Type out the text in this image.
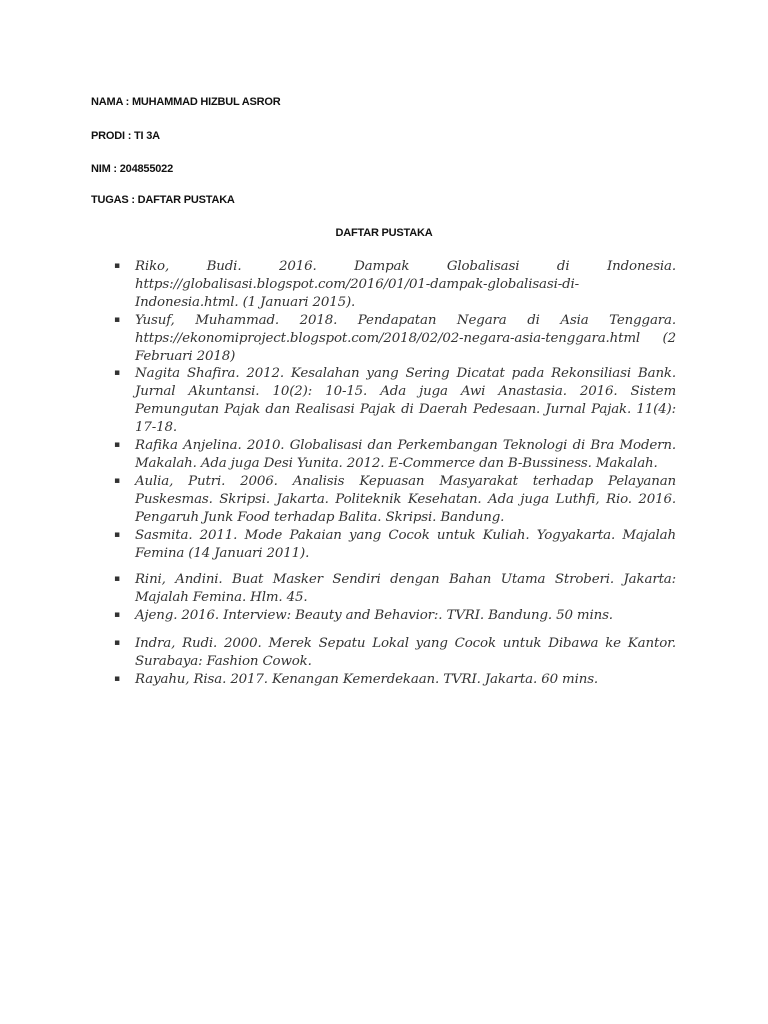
NAMA : MUHAMMAD HIZBUL ASROR
PRODI : TI 3A
NIM : 204855022
TUGAS : DAFTAR PUSTAKA
DAFTAR PUSTAKA
▪ Riko, Budi. 2016. Dampak Globalisasi di Indonesia. https://globalisasi.blogspot.com/2016/01/01-dampak-globalisasi-di-Indonesia.html. (1 Januari 2015).
▪ Yusuf, Muhammad. 2018. Pendapatan Negara di Asia Tenggara. https://ekonomiproject.blogspot.com/2018/02/02-negara-asia-tenggara.html (2 Februari 2018)
▪ Nagita Shafira. 2012. Kesalahan yang Sering Dicatat pada Rekonsiliasi Bank. Jurnal Akuntansi. 10(2): 10-15. Ada juga Awi Anastasia. 2016. Sistem Pemungutan Pajak dan Realisasi Pajak di Daerah Pedesaan. Jurnal Pajak. 11(4): 17-18.
▪ Rafika Anjelina. 2010. Globalisasi dan Perkembangan Teknologi di Bra Modern. Makalah. Ada juga Desi Yunita. 2012. E-Commerce dan B-Bussiness. Makalah.
▪ Aulia, Putri. 2006. Analisis Kepuasan Masyarakat terhadap Pelayanan Puskesmas. Skripsi. Jakarta. Politeknik Kesehatan. Ada juga Luthfi, Rio. 2016. Pengaruh Junk Food terhadap Balita. Skripsi. Bandung.
▪ Sasmita. 2011. Mode Pakaian yang Cocok untuk Kuliah. Yogyakarta. Majalah Femina (14 Januari 2011).
▪ Rini, Andini. Buat Masker Sendiri dengan Bahan Utama Stroberi. Jakarta: Majalah Femina. Hlm. 45.
▪ Ajeng. 2016. Interview: Beauty and Behavior:. TVRI. Bandung. 50 mins.
▪ Indra, Rudi. 2000. Merek Sepatu Lokal yang Cocok untuk Dibawa ke Kantor. Surabaya: Fashion Cowok.
▪ Rayahu, Risa. 2017. Kenangan Kemerdekaan. TVRI. Jakarta. 60 mins.
